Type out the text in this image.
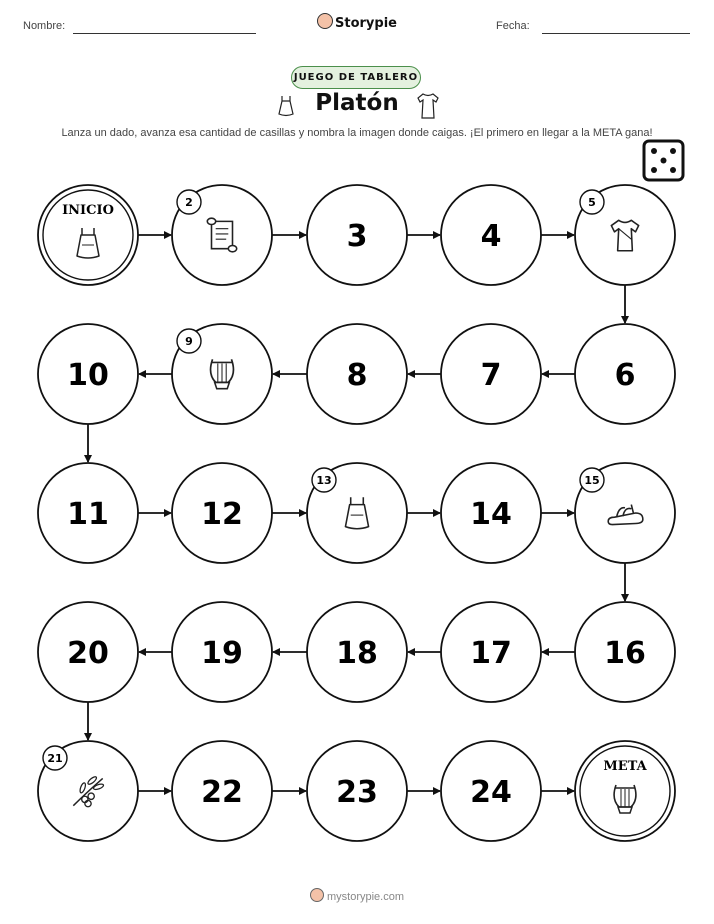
Nombre:	Storypie	Fecha:
JUEGO DE TABLERO
Platón
Lanza un dado, avanza esa cantidad de casillas y nombra la imagen donde caigas. ¡El primero en llegar a la META gana!
INICIO
2
3	4
5
6
7
8
9
10
11	12
13
14
15
16
17
18
19
20
21
22	23	24
META
mystorypie.com
